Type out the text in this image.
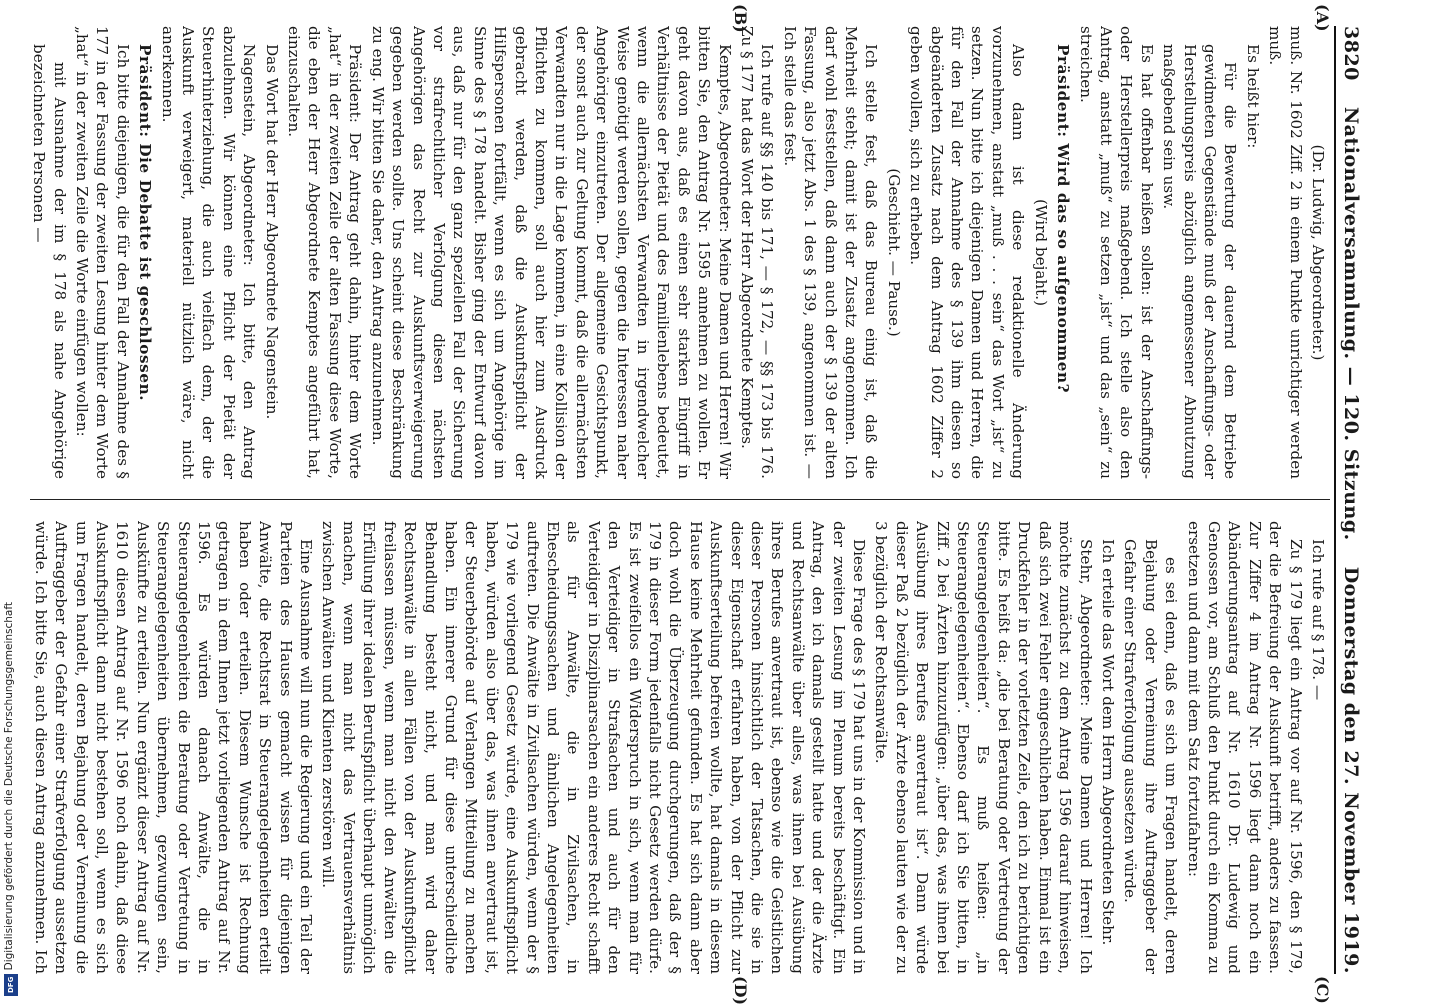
3820
Nationalversammlung. — 120. Sitzung.
Donnerstag den 27. November 1919.
(A)
(B)
(C)
(D)

(Dr. Ludwig, Abgeordneter.)

muß. Nr. 1602 Ziff. 2 in einem Punkte unrichtiger werden muß.

Es heißt hier:

Für die Bewertung der dauernd dem Betriebe gewidmeten Gegenstände muß der Anschaffungs- oder Herstellungspreis abzüglich angemessener Abnutzung maßgebend sein usw.

Es hat offenbar heißen sollen: ist der Anschaffungs- oder Herstellerpreis maßgebend. Ich stelle also den Antrag, anstatt „muß“ zu setzen „ist“ und das „sein“ zu streichen.

Präsident: Wird das so aufgenommen?

(Wird bejaht.)

Also dann ist diese redaktionelle Änderung vorzunehmen, anstatt „muß . . . sein“ das Wort „ist“ zu setzen. Nun bitte ich diejenigen Damen und Herren, die für den Fall der Annahme des § 139 ihm diesen so abgeänderten Zusatz nach dem Antrag 1602 Ziffer 2 geben wollen, sich zu erheben.

(Geschieht. — Pause.)

Ich stelle fest, daß das Bureau einig ist, daß die Mehrheit steht; damit ist der Zusatz angenommen. Ich darf wohl feststellen, daß dann auch der § 139 der alten Fassung, also jetzt Abs. 1 des § 139, angenommen ist. — Ich stelle das fest.

Ich rufe auf §§ 140 bis 171, — § 172, — §§ 173 bis 176. Zu § 177 hat das Wort der Herr Abgeordnete Kemptes.

Kemptes, Abgeordneter: Meine Damen und Herren! Wir bitten Sie, den Antrag Nr. 1595 annehmen zu wollen. Er geht davon aus, daß es einen sehr starken Eingriff in Verhältnisse der Pietät und des Familienlebens bedeutet, wenn die allernächsten Verwandten in irgendwelcher Weise genötigt werden sollen, gegen die Interessen naher Angehöriger einzutreten. Der allgemeine Gesichtspunkt, der sonst auch zur Geltung kommt, daß die allernächsten Verwandten nur in die Lage kommen, in eine Kollision der Pflichten zu kommen, soll auch hier zum Ausdruck gebracht werden, daß die Auskunftspflicht der Hilfspersonen fortfällt, wenn es sich um Angehörige im Sinne des § 178 handelt. Bisher ging der Entwurf davon aus, daß nur für den ganz speziellen Fall der Sicherung vor strafrechtlicher Verfolgung diesen nächsten Angehörigen das Recht zur Auskunftsverweigerung gegeben werden sollte. Uns scheint diese Beschränkung zu eng. Wir bitten Sie daher, den Antrag anzunehmen.

Präsident: Der Antrag geht dahin, hinter dem Worte „hat“ in der zweiten Zeile der alten Fassung diese Worte, die eben der Herr Abgeordnete Kemptes angeführt hat, einzuschalten.

Das Wort hat der Herr Abgeordnete Nagenstein.

Nagenstein, Abgeordneter: Ich bitte, den Antrag abzulehnen. Wir können eine Pflicht der Pietät der Steuerhinterziehung, die auch vielfach dem, der die Auskunft verweigert, materiell nützlich wäre, nicht anerkennen.

Präsident: Die Debatte ist geschlossen.

Ich bitte diejenigen, die für den Fall der Annahme des § 177 in der Fassung der zweiten Lesung hinter dem Worte „hat“ in der zweiten Zeile die Worte einfügen wollen:

mit Ausnahme der im § 178 als nahe Angehörige bezeichneten Personen —

Ich rufe auf § 178. —

Zu § 179 liegt ein Antrag vor auf Nr. 1596, den § 179, der die Befreiung der Auskunft betrifft, anders zu fassen. Zur Ziffer 4 im Antrag Nr. 1596 liegt dann noch ein Abänderungsantrag auf Nr. 1610 Dr. Ludewig und Genossen vor, am Schluß den Punkt durch ein Komma zu ersetzen und dann mit dem Satz fortzufahren:

es sei denn, daß es sich um Fragen handelt, deren Bejahung oder Verneinung ihre Auftraggeber der Gefahr einer Strafverfolgung aussetzen würde.

Ich erteile das Wort dem Herrn Abgeordneten Stehr.

Stehr, Abgeordneter: Meine Damen und Herren! Ich möchte zunächst zu dem Antrag 1596 darauf hinweisen, daß sich zwei Fehler eingeschlichen haben. Einmal ist ein Druckfehler in der vorletzten Zeile, den ich zu berichtigen bitte. Es heißt da: „die bei Beratung oder Vertretung der Steuerangelegenheiten“. Es muß heißen: „in Steuerangelegenheiten“. Ebenso darf ich Sie bitten, in Ziff. 2 bei Ärzten hinzuzufügen: „über das, was ihnen bei Ausübung ihres Berufes anvertraut ist“. Dann würde dieser Paß 2 bezüglich der Ärzte ebenso lauten wie der zu 3 bezüglich der Rechtsanwälte.

Diese Frage des § 179 hat uns in der Kommission und in der zweiten Lesung im Plenum bereits beschäftigt. Ein Antrag, den ich damals gestellt hatte und der die Ärzte und Rechtsanwälte über alles, was ihnen bei Ausübung ihres Berufes anvertraut ist, ebenso wie die Geistlichen dieser Personen hinsichtlich der Tatsachen, die sie in dieser Eigenschaft erfahren haben, von der Pflicht zur Auskunftserteilung befreien wollte, hat damals in diesem Hause keine Mehrheit gefunden. Es hat sich dann aber doch wohl die Überzeugung durchgerungen, daß der § 179 in dieser Form jedenfalls nicht Gesetz werden dürfe. Es ist zweifellos ein Widerspruch in sich, wenn man für den Verteidiger in Strafsachen und auch für den Verteidiger in Disziplinarsachen ein anderes Recht schafft als für Anwälte, die in Zivilsachen, in Ehescheidungssachen und ähnlichen Angelegenheiten auftreten. Die Anwälte in Zivilsachen würden, wenn der § 179 wie vorliegend Gesetz würde, eine Auskunftspflicht haben, würden also über das, was ihnen anvertraut ist, der Steuerbehörde auf Verlangen Mitteilung zu machen haben. Ein innerer Grund für diese unterschiedliche Behandlung besteht nicht, und man wird daher Rechtsanwälte in allen Fällen von der Auskunftspflicht freilassen müssen, wenn man nicht den Anwälten die Erfüllung ihrer idealen Berufspflicht überhaupt unmöglich machen, wenn man nicht das Vertrauensverhältnis zwischen Anwälten und Klienten zerstören will.

Eine Ausnahme will nun die Regierung und ein Teil der Parteien des Hauses gemacht wissen für diejenigen Anwälte, die Rechtsrat in Steuerangelegenheiten erteilt haben oder erteilen. Diesem Wunsche ist Rechnung getragen in dem Ihnen jetzt vorliegenden Antrag auf Nr. 1596. Es würden danach Anwälte, die in Steuerangelegenheiten die Beratung oder Vertretung in Steuerangelegenheiten übernehmen, gezwungen sein, Auskünfte zu erteilen. Nun ergänzt dieser Antrag auf Nr. 1610 diesen Antrag auf Nr. 1596 noch dahin, daß diese Auskunftspflicht dann nicht bestehen soll, wenn es sich um Fragen handelt, deren Bejahung oder Verneinung die Auftraggeber der Gefahr einer Strafverfolgung aussetzen würde. Ich bitte Sie, auch diesen Antrag anzunehmen. Ich

Digitalisierung gefördert durch die Deutsche Forschungsgemeinschaft
DFG
